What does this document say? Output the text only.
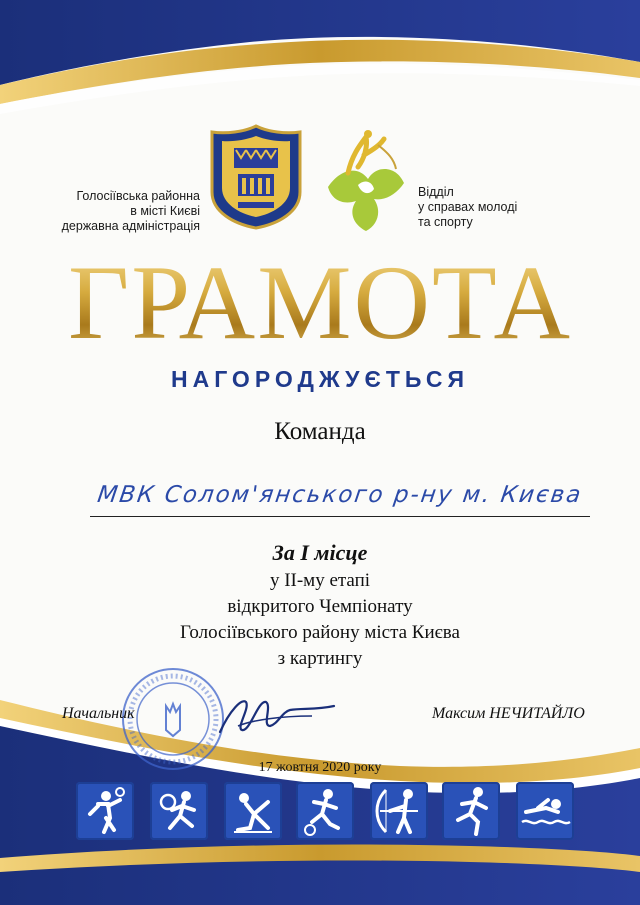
Голосіївська районна
в місті Києві
державна адміністрація
Відділ
у справах молоді
та спорту
ГРАМОТА
НАГОРОДЖУЄТЬСЯ
Команда
МВК Солом'янського р-ну м. Києва
За І місце
у ІІ-му етапі
відкритого Чемпіонату
Голосіївського району міста Києва
з картингу
Начальник	Максим НЕЧИТАЙЛО
17 жовтня 2020 року
